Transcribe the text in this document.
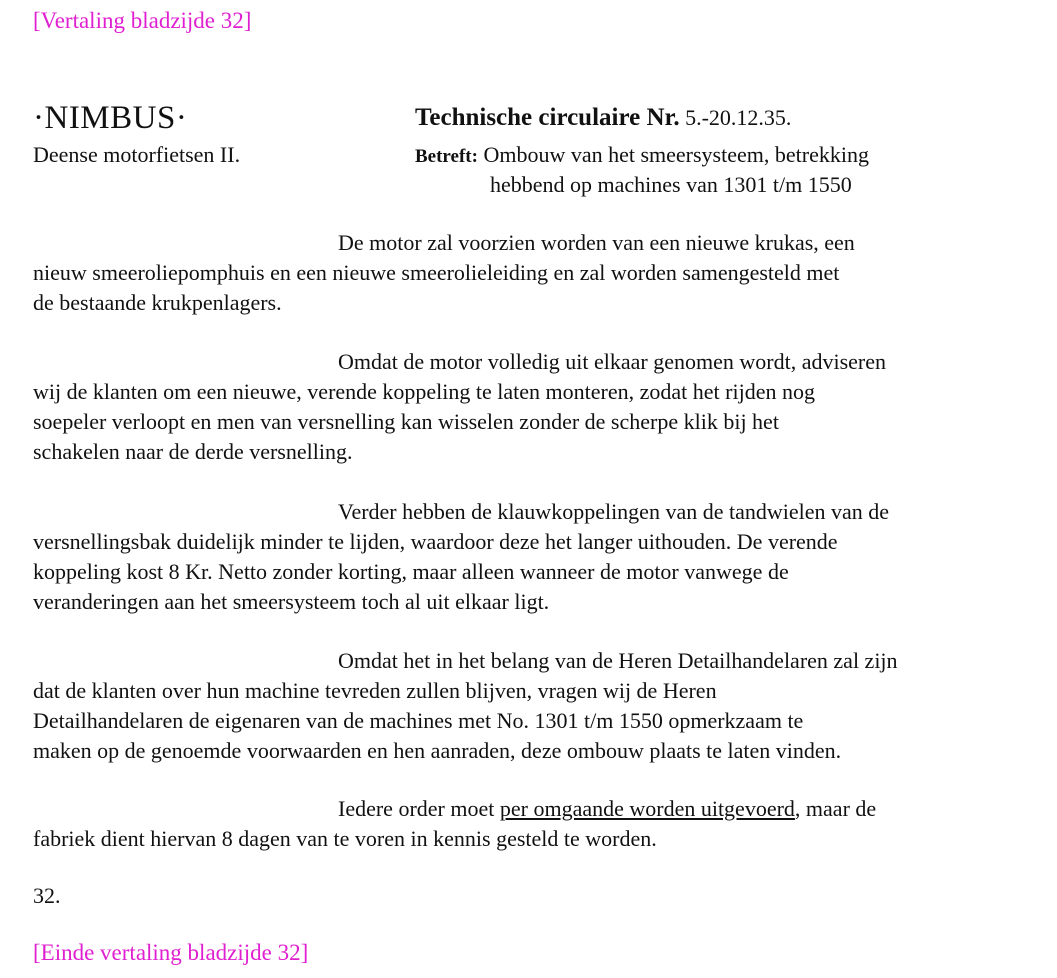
[Vertaling bladzijde 32]
·NIMBUS·
Deense motorfietsen II.
Technische circulaire Nr. 5.-20.12.35.
Betreft: Ombouw van het smeersysteem, betrekking
hebbend op machines van 1301 t/m 1550
De motor zal voorzien worden van een nieuwe krukas, een
nieuw smeeroliepomphuis en een nieuwe smeerolieleiding en zal worden samengesteld met
de bestaande krukpenlagers.
Omdat de motor volledig uit elkaar genomen wordt, adviseren
wij de klanten om een nieuwe, verende koppeling te laten monteren, zodat het rijden nog
soepeler verloopt en men van versnelling kan wisselen zonder de scherpe klik bij het
schakelen naar de derde versnelling.
Verder hebben de klauwkoppelingen van de tandwielen van de
versnellingsbak duidelijk minder te lijden, waardoor deze het langer uithouden. De verende
koppeling kost 8 Kr. Netto zonder korting, maar alleen wanneer de motor vanwege de
veranderingen aan het smeersysteem toch al uit elkaar ligt.
Omdat het in het belang van de Heren Detailhandelaren zal zijn
dat de klanten over hun machine tevreden zullen blijven, vragen wij de Heren
Detailhandelaren de eigenaren van de machines met No. 1301 t/m 1550 opmerkzaam te
maken op de genoemde voorwaarden en hen aanraden, deze ombouw plaats te laten vinden.
Iedere order moet per omgaande worden uitgevoerd, maar de
fabriek dient hiervan 8 dagen van te voren in kennis gesteld te worden.
32.
[Einde vertaling bladzijde 32]
